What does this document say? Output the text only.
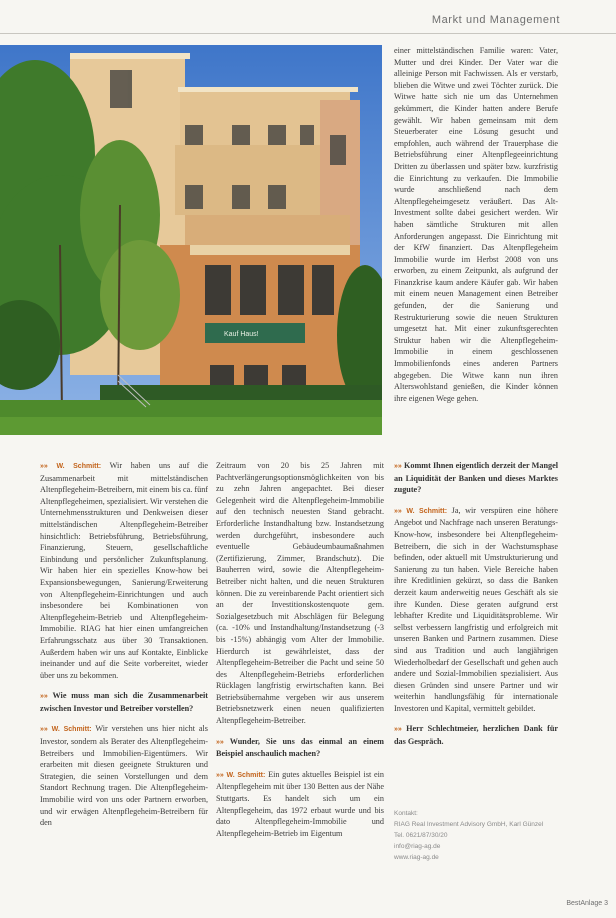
Markt und Management
Kauf Haus!

einer mittelständischen Familie waren: Vater, Mutter und drei Kinder. Der Vater war die alleinige Person mit Fachwissen. Als er verstarb, blieben die Witwe und zwei Töchter zurück. Die Witwe hatte sich nie um das Unternehmen gekümmert, die Kinder hatten andere Berufe gewählt. Wir haben gemeinsam mit dem Steuerberater eine Lösung gesucht und empfohlen, auch während der Trauerphase die Betriebsführung einer Altenpflegeeinrichtung Dritten zu überlassen und später bzw. kurzfristig die Einrichtung zu verkaufen. Die Immobilie wurde anschließend nach dem Altenpflegeheimgesetz veräußert. Das Alt-Investment sollte dabei gesichert werden. Wir haben sämtliche Strukturen mit allen Anforderungen angepasst. Die Einrichtung mit der KfW finanziert. Das Altenpflegeheim Immobilie wurde im Herbst 2008 von uns erworben, zu einem Zeitpunkt, als aufgrund der Finanzkrise kaum andere Käufer gab. Wir haben mit einem neuen Management einen Betreiber gefunden, der die Sanierung und Restrukturierung sowie die neuen Strukturen umgesetzt hat. Mit einer zukunftsgerechten Struktur haben wir die Altenpflegeheim-Immobilie in einem geschlossenen Immobilienfonds eines anderen Partners abgegeben. Die Witwe kann nun ihren Alterswohlstand genießen, die Kinder können ihre eigenen Wege gehen.

»» W. Schmitt: Wir haben uns auf die Zusammenarbeit mit mittelständischen Altenpflegeheim-Betreibern, mit einem bis ca. fünf Altenpflegeheimen, spezialisiert. Wir verstehen die Unternehmensstrukturen und Denkweisen dieser mittelständischen Altenpflegeheim-Betreiber hinsichtlich: Betriebsführung, Betriebsführung, Finanzierung, Steuern, gesellschaftliche Einbindung und persönlicher Zukunftsplanung. Wir haben hier ein spezielles Know-how bei Expansionsbewegungen, Sanierung/Erweiterung von Altenpflegeheim-Einrichtungen und auch insbesondere bei Kombinationen von Altenpflegeheim-Betrieb und Altenpflegeheim-Immobilie. RIAG hat hier einen umfangreichen Erfahrungsschatz aus über 30 Transaktionen. Außerdem haben wir uns auf Kontakte, Einblicke ineinander und auf die Seite vorbereitet, wieder über uns zu bekommen.

»» Wie muss man sich die Zusammenarbeit zwischen Investor und Betreiber vorstellen?

»» W. Schmitt: Wir verstehen uns hier nicht als Investor, sondern als Berater des Altenpflegeheim-Betreibers und Immobilien-Eigentümers. Wir erarbeiten mit diesen geeignete Strukturen und Strategien, die seinen Vorstellungen und dem Standort Rechnung tragen. Die Altenpflegeheim-Immobilie wird von uns oder Partnern erworben, und wir erwägen Altenpflegeheim-Betreibern für den

Zeitraum von 20 bis 25 Jahren mit Pachtverlängerungsoptionsmöglichkeiten von bis zu zehn Jahren angepachtet. Bei dieser Gelegenheit wird die Altenpflegeheim-Immobilie auf den technisch neuesten Stand gebracht. Erforderliche Instandhaltung bzw. Instandsetzung werden durchgeführt, insbesondere auch eventuelle Gebäudeumbaumaßnahmen (Zertifizierung, Zimmer, Brandschutz). Die Bauherren wird, sowie die Altenpflegeheim-Betreiber nicht halten, und die neuen Strukturen können. Die zu vereinbarende Pacht orientiert sich an der Investitionskostenquote gem. Sozialgesetzbuch mit Abschlägen für Belegung (ca. -10% und Instandhaltung/Instandsetzung (-3 bis -15%) abhängig vom Alter der Immobilie. Hierdurch ist gewährleistet, dass der Altenpflegeheim-Betreiber die Pacht und seine 50 des Altenpflegeheim-Betriebs erforderlichen Rücklagen langfristig erwirtschaften kann. Bei Betriebsübernahme vergeben wir aus unserem Betriebsnetzwerk einen neuen qualifizierten Altenpflegeheim-Betreiber.

»» Wunder, Sie uns das einmal an einem Beispiel anschaulich machen?

»» W. Schmitt: Ein gutes aktuelles Beispiel ist ein Altenpflegeheim mit über 130 Betten aus der Nähe Stuttgarts. Es handelt sich um ein Altenpflegeheim, das 1972 erbaut wurde und bis dato Altenpflegeheim-Immobilie und Altenpflegeheim-Betrieb im Eigentum

»» Kommt Ihnen eigentlich derzeit der Mangel an Liquidität der Banken und dieses Marktes zugute?

»» W. Schmitt: Ja, wir verspüren eine höhere Angebot und Nachfrage nach unseren Beratungs-Know-how, insbesondere bei Altenpflegeheim-Betreibern, die sich in der Wachstumsphase befinden, oder aktuell mit Umstrukturierung und Sanierung zu tun haben. Viele Bereiche haben ihre Kreditlinien gekürzt, so dass die Banken derzeit kaum anderweitig neues Geschäft als sie ihre Kunden. Diese geraten aufgrund erst lebhafter Kredite und Liquiditätsprobleme. Wir selbst verbessern langfristig und erfolgreich mit unseren Banken und Partnern zusammen. Diese sind aus Tradition und auch langjährigen Wiederholbedarf der Gesellschaft und gehen auch andere und Sozial-Immobilien spezialisiert. Aus diesen Gründen sind unsere Partner und wir weiterhin handlungsfähig für internationale Investoren und Kapital, vermittelt gebildet.

»» Herr Schlechtmeier, herzlichen Dank für das Gespräch.

Kontakt:
RIAG Real Investment Advisory GmbH, Karl Günzel
Tel. 0621/87/30/20
info@riag-ag.de
www.riag-ag.de
BestAnlage 3
